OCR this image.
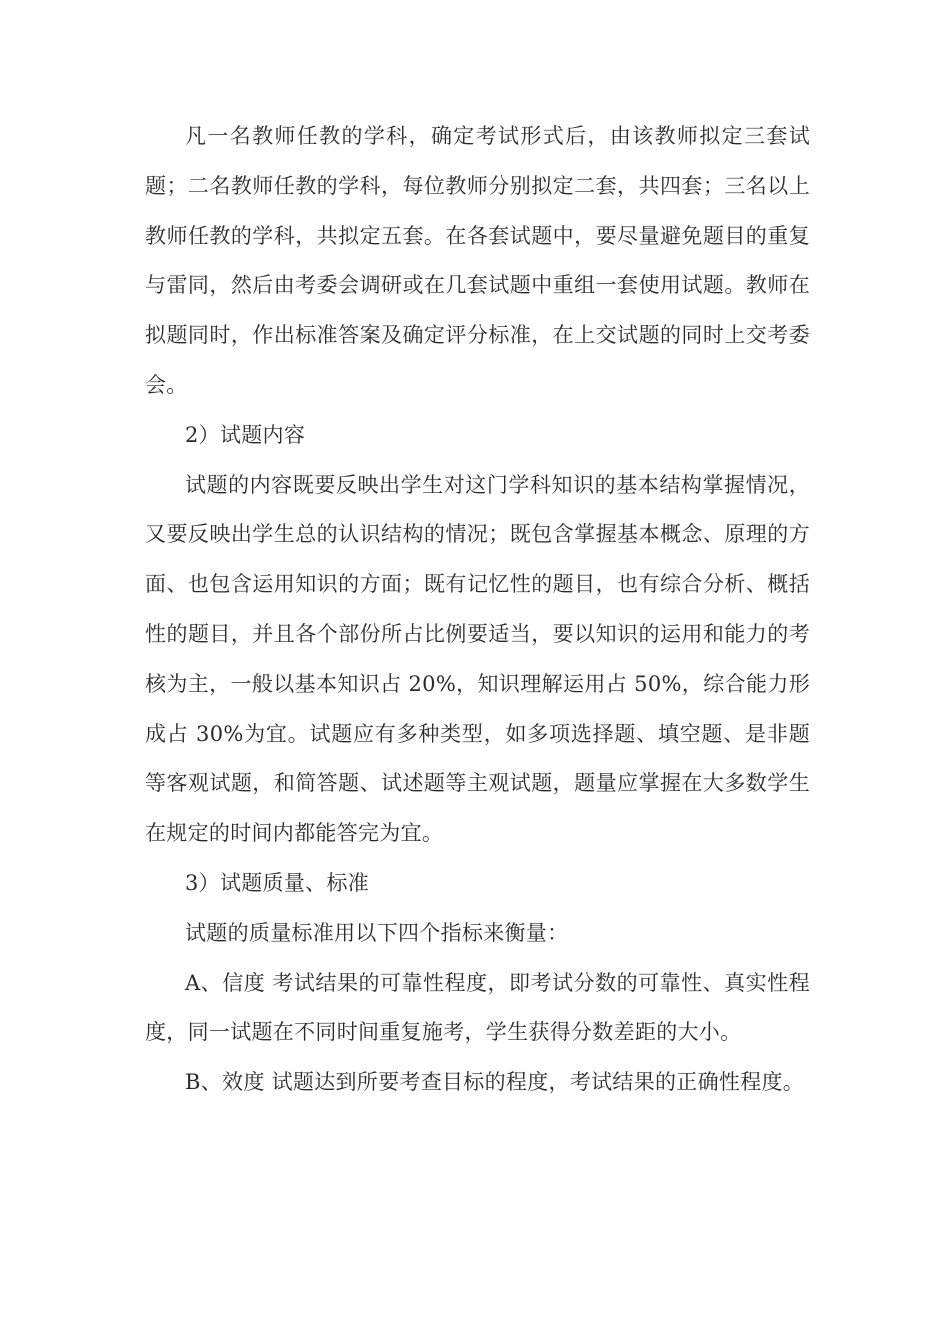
凡一名教师任教的学科，确定考试形式后，由该教师拟定三套试题；二名教师任教的学科，每位教师分别拟定二套，共四套；三名以上教师任教的学科，共拟定五套。在各套试题中，要尽量避免题目的重复与雷同，然后由考委会调研或在几套试题中重组一套使用试题。教师在拟题同时，作出标准答案及确定评分标准，在上交试题的同时上交考委会。

2）试题内容

试题的内容既要反映出学生对这门学科知识的基本结构掌握情况，又要反映出学生总的认识结构的情况；既包含掌握基本概念、原理的方面、也包含运用知识的方面；既有记忆性的题目，也有综合分析、概括性的题目，并且各个部份所占比例要适当，要以知识的运用和能力的考核为主，一般以基本知识占 20%，知识理解运用占 50%，综合能力形成占 30%为宜。试题应有多种类型，如多项选择题、填空题、是非题等客观试题，和简答题、试述题等主观试题，题量应掌握在大多数学生在规定的时间内都能答完为宜。

3）试题质量、标准

试题的质量标准用以下四个指标来衡量：

A、信度 考试结果的可靠性程度，即考试分数的可靠性、真实性程度，同一试题在不同时间重复施考，学生获得分数差距的大小。

B、效度 试题达到所要考查目标的程度，考试结果的正确性程度。
